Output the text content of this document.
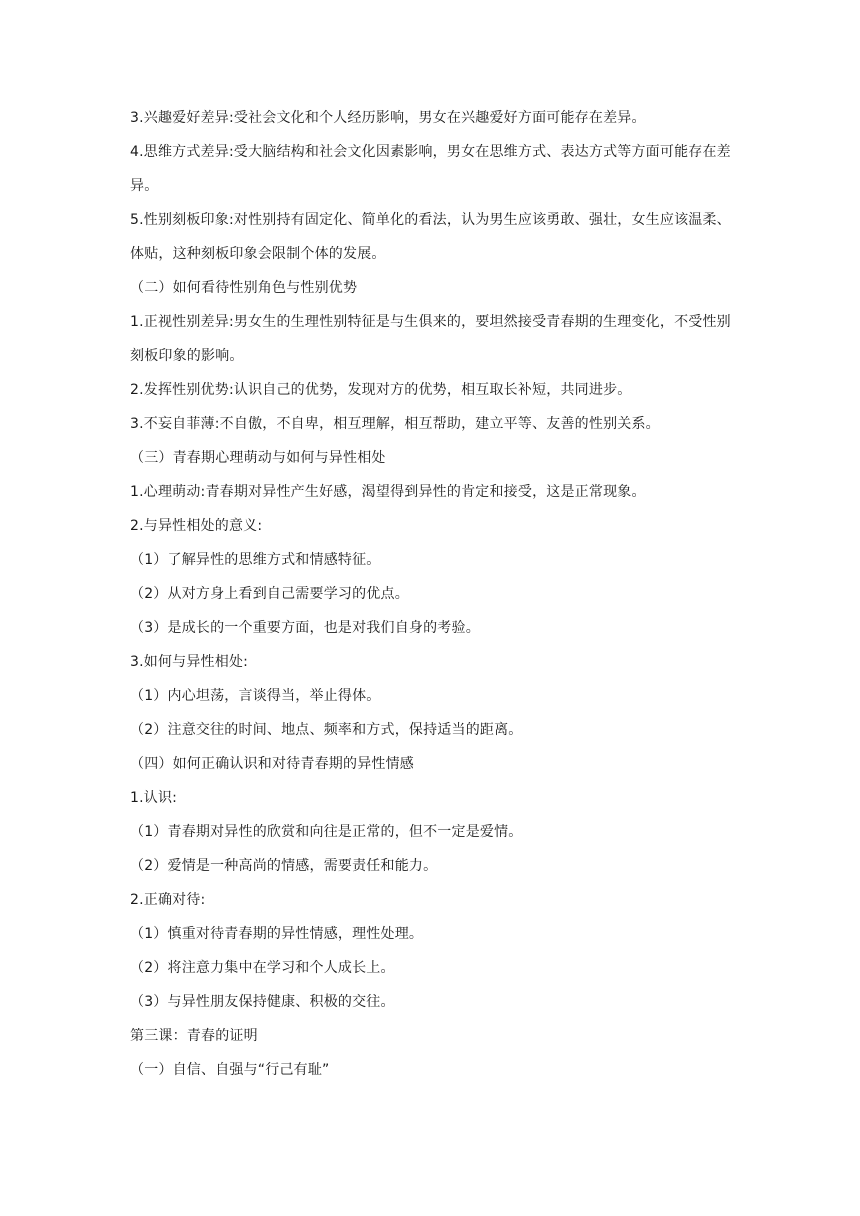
3.兴趣爱好差异:受社会文化和个人经历影响，男女在兴趣爱好方面可能存在差异。

4.思维方式差异:受大脑结构和社会文化因素影响，男女在思维方式、表达方式等方面可能存在差异。

5.性别刻板印象:对性别持有固定化、简单化的看法，认为男生应该勇敢、强壮，女生应该温柔、体贴，这种刻板印象会限制个体的发展。

（二）如何看待性别角色与性别优势

1.正视性别差异:男女生的生理性别特征是与生俱来的，要坦然接受青春期的生理变化，不受性别刻板印象的影响。

2.发挥性别优势:认识自己的优势，发现对方的优势，相互取长补短，共同进步。

3.不妄自菲薄:不自傲，不自卑，相互理解，相互帮助，建立平等、友善的性别关系。

（三）青春期心理萌动与如何与异性相处

1.心理萌动:青春期对异性产生好感，渴望得到异性的肯定和接受，这是正常现象。

2.与异性相处的意义:

（1）了解异性的思维方式和情感特征。

（2）从对方身上看到自己需要学习的优点。

（3）是成长的一个重要方面，也是对我们自身的考验。

3.如何与异性相处:

（1）内心坦荡，言谈得当，举止得体。

（2）注意交往的时间、地点、频率和方式，保持适当的距离。

（四）如何正确认识和对待青春期的异性情感

1.认识:

（1）青春期对异性的欣赏和向往是正常的，但不一定是爱情。

（2）爱情是一种高尚的情感，需要责任和能力。

2.正确对待:

（1）慎重对待青春期的异性情感，理性处理。

（2）将注意力集中在学习和个人成长上。

（3）与异性朋友保持健康、积极的交往。

第三课：青春的证明

（一）自信、自强与“行己有耻”
